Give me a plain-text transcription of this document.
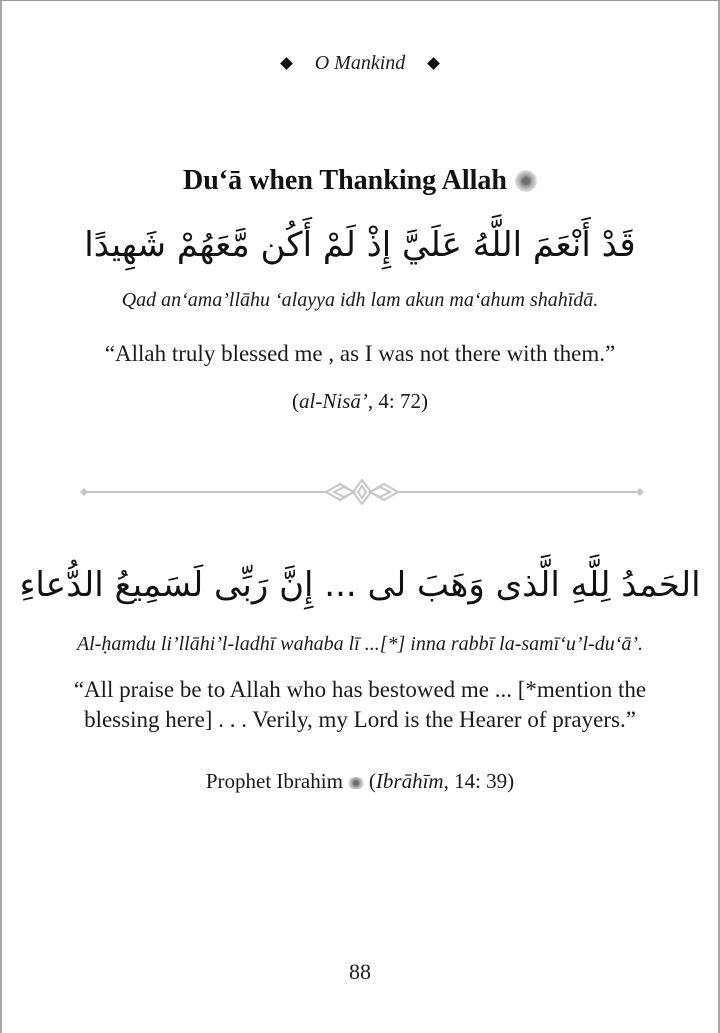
O Mankind
Du‘ā when Thanking Allah
قَدْ أَنْعَمَ اللَّهُ عَلَيَّ إِذْ لَمْ أَكُن مَّعَهُمْ شَهِيدًا
Qad an‘ama’llāhu ‘alayya idh lam akun ma‘ahum shahīdā.
“Allah truly blessed me , as I was not there with them.”
(al-Nisā’, 4: 72)
الحَمدُ لِلَّهِ الَّذى وَهَبَ لى ... إِنَّ رَبِّى لَسَمِيعُ الدُّعاءِ
Al-ḥamdu li’llāhi’l-ladhī wahaba lī ...[*] inna rabbī la-samī‘u’l-du‘ā’.
“All praise be to Allah who has bestowed me ... [*mention the
blessing here] . . . Verily, my Lord is the Hearer of prayers.”
Prophet Ibrahim (Ibrāhīm, 14: 39)
88
